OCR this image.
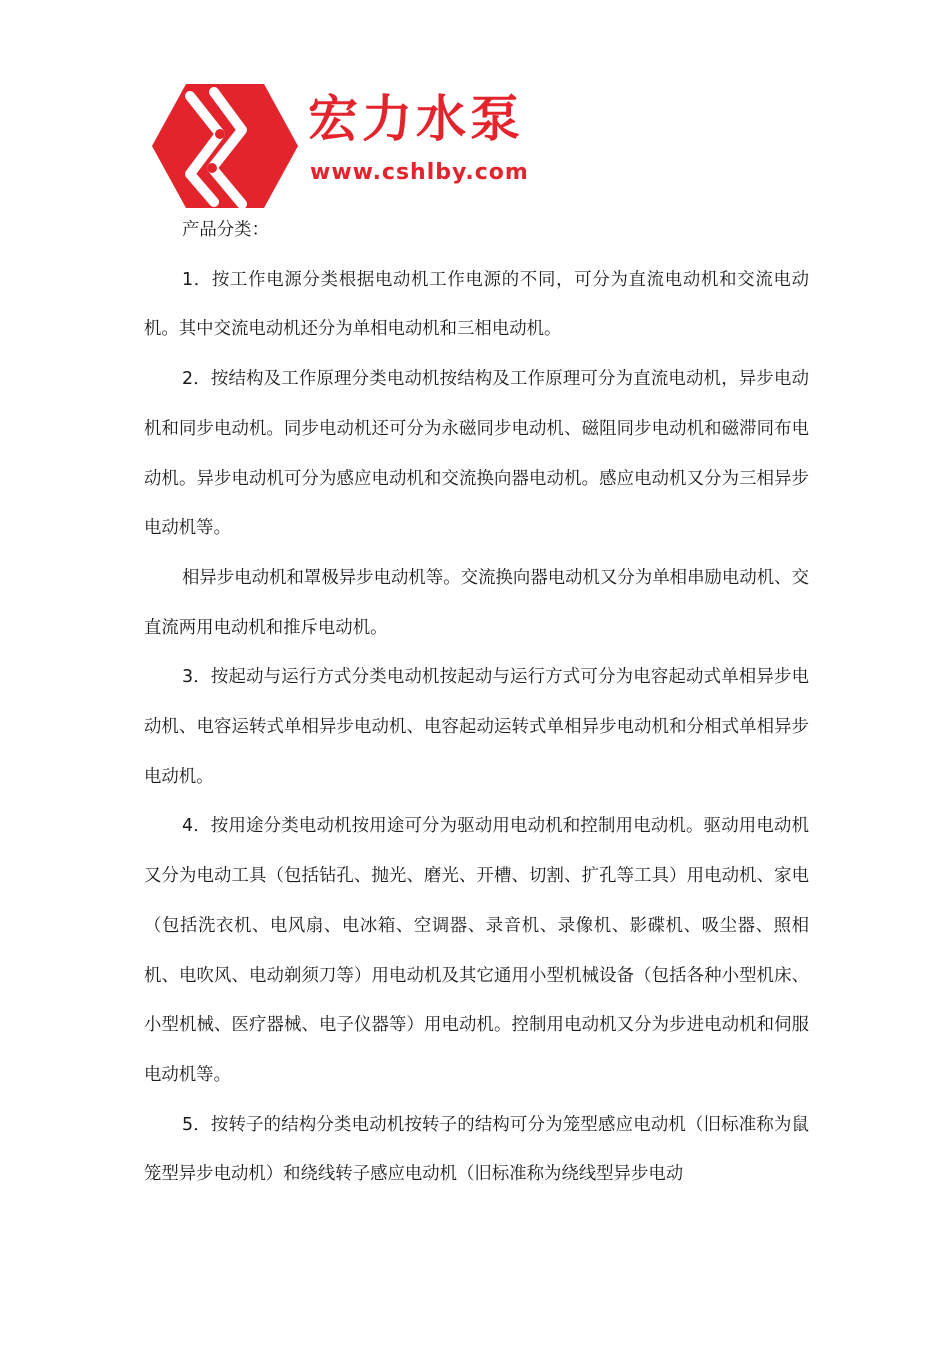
宏力水泵
www.cshlby.com

产品分类：

1．按工作电源分类根据电动机工作电源的不同，可分为直流电动机和交流电动机。其中交流电动机还分为单相电动机和三相电动机。

2．按结构及工作原理分类电动机按结构及工作原理可分为直流电动机，异步电动机和同步电动机。同步电动机还可分为永磁同步电动机、磁阻同步电动机和磁滞同布电动机。异步电动机可分为感应电动机和交流换向器电动机。感应电动机又分为三相异步电动机等。

相异步电动机和罩极异步电动机等。交流换向器电动机又分为单相串励电动机、交直流两用电动机和推斥电动机。

3．按起动与运行方式分类电动机按起动与运行方式可分为电容起动式单相异步电动机、电容运转式单相异步电动机、电容起动运转式单相异步电动机和分相式单相异步电动机。

4．按用途分类电动机按用途可分为驱动用电动机和控制用电动机。驱动用电动机又分为电动工具（包括钻孔、抛光、磨光、开槽、切割、扩孔等工具）用电动机、家电（包括洗衣机、电风扇、电冰箱、空调器、录音机、录像机、影碟机、吸尘器、照相机、电吹风、电动剃须刀等）用电动机及其它通用小型机械设备（包括各种小型机床、小型机械、医疗器械、电子仪器等）用电动机。控制用电动机又分为步进电动机和伺服电动机等。

5．按转子的结构分类电动机按转子的结构可分为笼型感应电动机（旧标准称为鼠笼型异步电动机）和绕线转子感应电动机（旧标准称为绕线型异步电动
